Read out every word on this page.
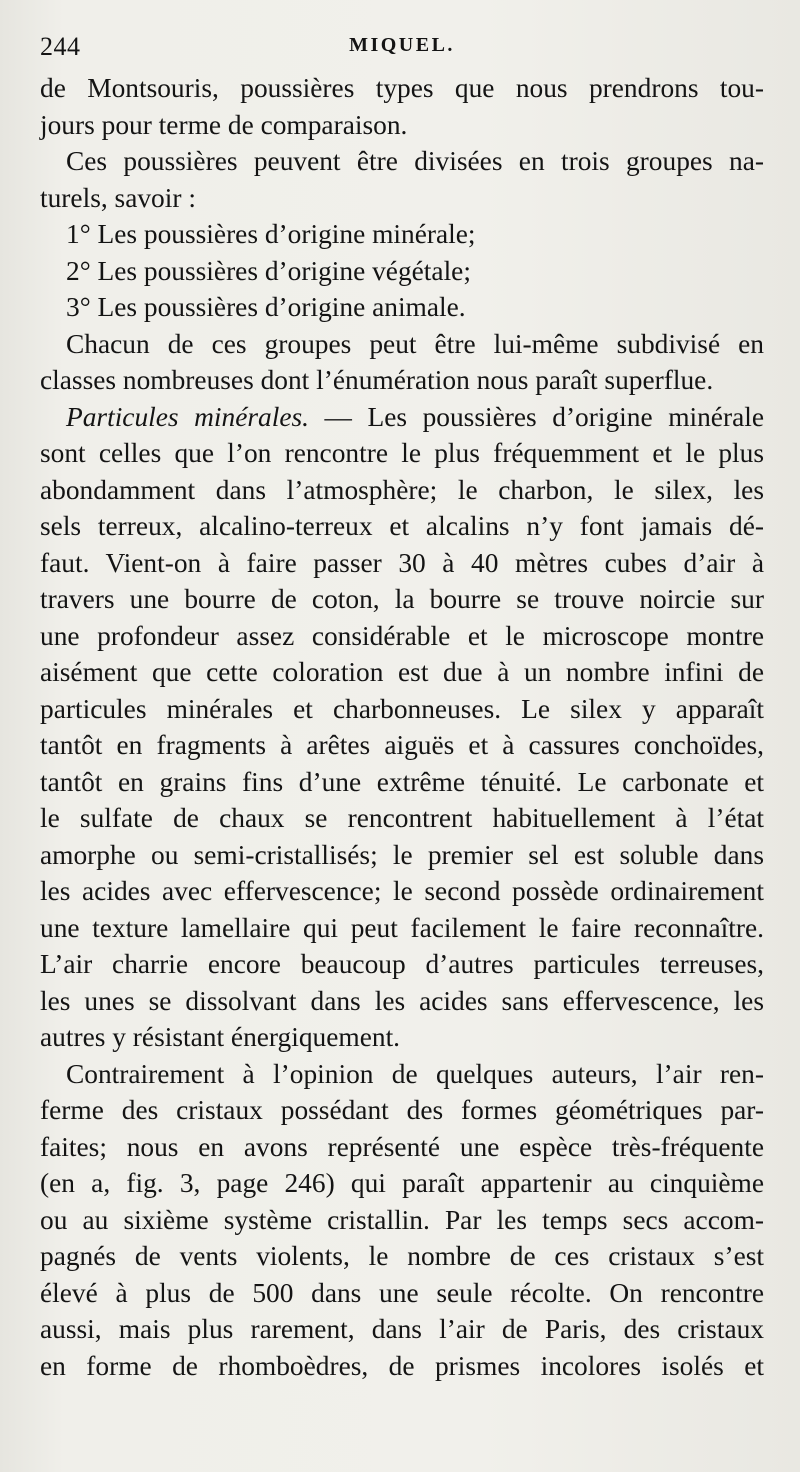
244	MIQUEL.
de Montsouris, poussières types que nous prendrons tou-
jours pour terme de comparaison.
Ces poussières peuvent être divisées en trois groupes na-
turels, savoir :
1° Les poussières d’origine minérale;
2° Les poussières d’origine végétale;
3° Les poussières d’origine animale.
Chacun de ces groupes peut être lui-même subdivisé en
classes nombreuses dont l’énumération nous paraît superflue.
Particules minérales. — Les poussières d’origine minérale
sont celles que l’on rencontre le plus fréquemment et le plus
abondamment dans l’atmosphère; le charbon, le silex, les
sels terreux, alcalino-terreux et alcalins n’y font jamais dé-
faut. Vient-on à faire passer 30 à 40 mètres cubes d’air à
travers une bourre de coton, la bourre se trouve noircie sur
une profondeur assez considérable et le microscope montre
aisément que cette coloration est due à un nombre infini de
particules minérales et charbonneuses. Le silex y apparaît
tantôt en fragments à arêtes aiguës et à cassures conchoïdes,
tantôt en grains fins d’une extrême ténuité. Le carbonate et
le sulfate de chaux se rencontrent habituellement à l’état
amorphe ou semi-cristallisés; le premier sel est soluble dans
les acides avec effervescence; le second possède ordinairement
une texture lamellaire qui peut facilement le faire reconnaître.
L’air charrie encore beaucoup d’autres particules terreuses,
les unes se dissolvant dans les acides sans effervescence, les
autres y résistant énergiquement.
Contrairement à l’opinion de quelques auteurs, l’air ren-
ferme des cristaux possédant des formes géométriques par-
faites; nous en avons représenté une espèce très-fréquente
(en a, fig. 3, page 246) qui paraît appartenir au cinquième
ou au sixième système cristallin. Par les temps secs accom-
pagnés de vents violents, le nombre de ces cristaux s’est
élevé à plus de 500 dans une seule récolte. On rencontre
aussi, mais plus rarement, dans l’air de Paris, des cristaux
en forme de rhomboèdres, de prismes incolores isolés et
